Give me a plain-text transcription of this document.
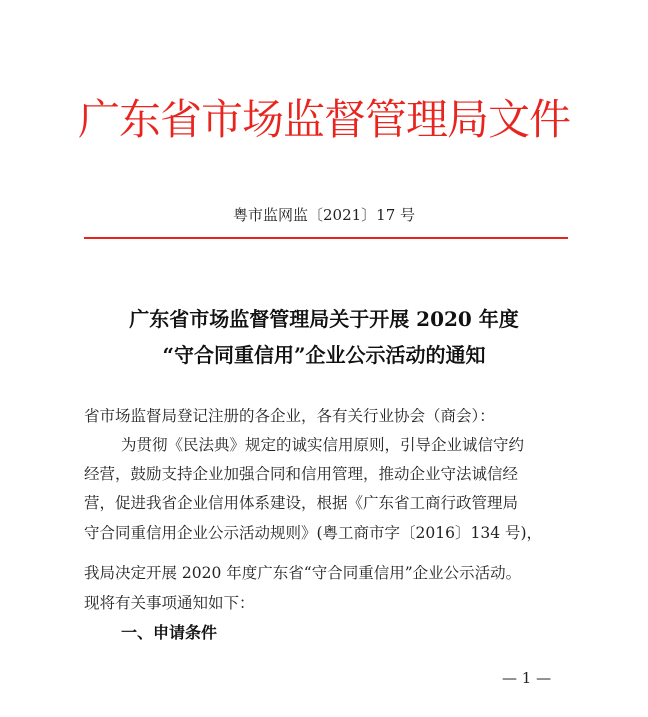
广东省市场监督管理局文件
粤市监网监〔2021〕17 号
广东省市场监督管理局关于开展 2020 年度
“守合同重信用”企业公示活动的通知
省市场监督局登记注册的各企业，各有关行业协会（商会）：
为贯彻《民法典》规定的诚实信用原则，引导企业诚信守约
经营，鼓励支持企业加强合同和信用管理，推动企业守法诚信经
营，促进我省企业信用体系建设，根据《广东省工商行政管理局
守合同重信用企业公示活动规则》(粤工商市字〔2016〕134 号)，
我局决定开展 2020 年度广东省“守合同重信用”企业公示活动。
现将有关事项通知如下：
一、申请条件
— 1 —
